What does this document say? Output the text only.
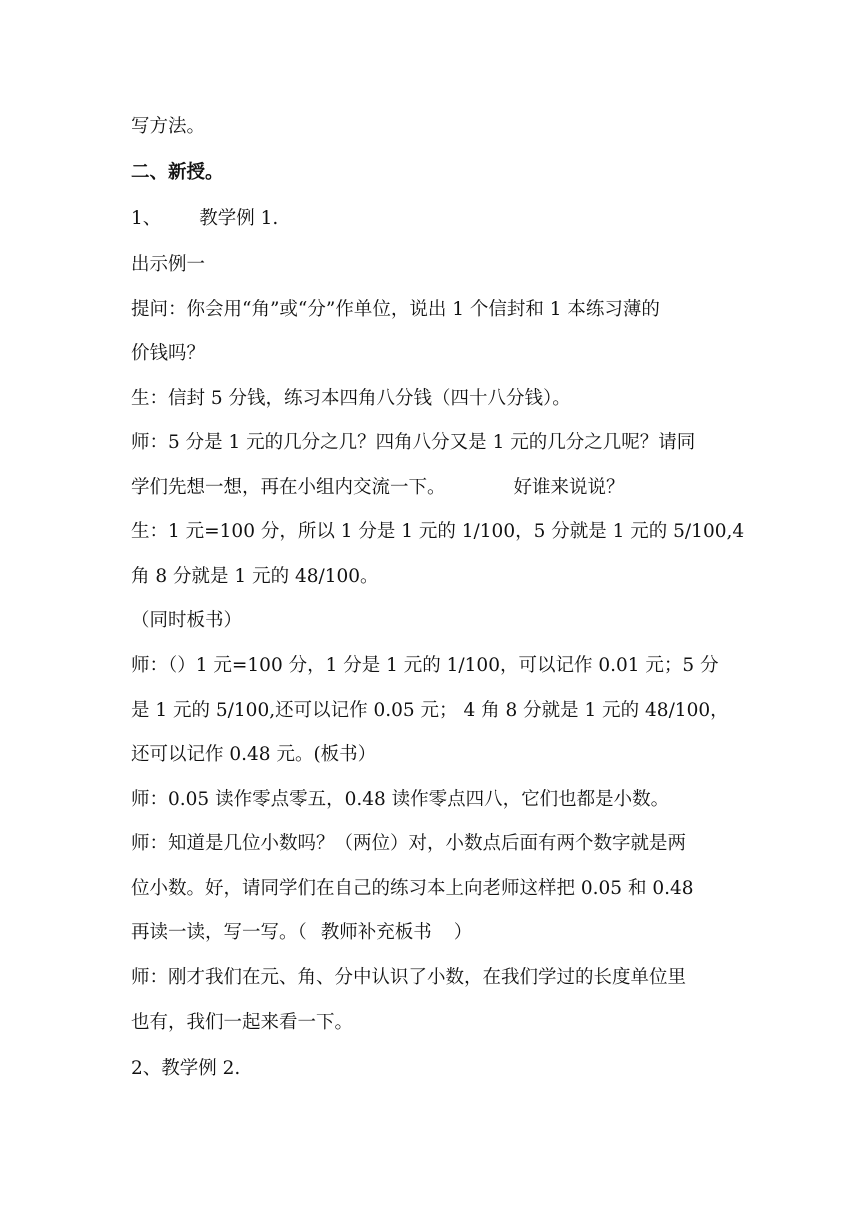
写方法。
二、新授。
1、 教学例 1.
出示例一
提问：你会用“角”或“分”作单位，说出 1 个信封和 1 本练习薄的
价钱吗？
生：信封 5 分钱，练习本四角八分钱（四十八分钱）。
师：5 分是 1 元的几分之几？四角八分又是 1 元的几分之几呢？请同
学们先想一想，再在小组内交流一下。	好谁来说说？
生：1 元=100 分，所以 1 分是 1 元的 1/100，5 分就是 1 元的 5/100,4
角 8 分就是 1 元的 48/100。
（同时板书）
师：（）1 元=100 分，1 分是 1 元的 1/100，可以记作 0.01 元；5 分
是 1 元的 5/100,还可以记作 0.05 元； 4 角 8 分就是 1 元的 48/100，
还可以记作 0.48 元。(板书）
师：0.05 读作零点零五，0.48 读作零点四八，它们也都是小数。
师：知道是几位小数吗？（两位）对，小数点后面有两个数字就是两
位小数。好，请同学们在自己的练习本上向老师这样把 0.05 和 0.48
再读一读，写一写。（ 教师补充板书 ）
师：刚才我们在元、角、分中认识了小数，在我们学过的长度单位里
也有，我们一起来看一下。
2、教学例 2.
